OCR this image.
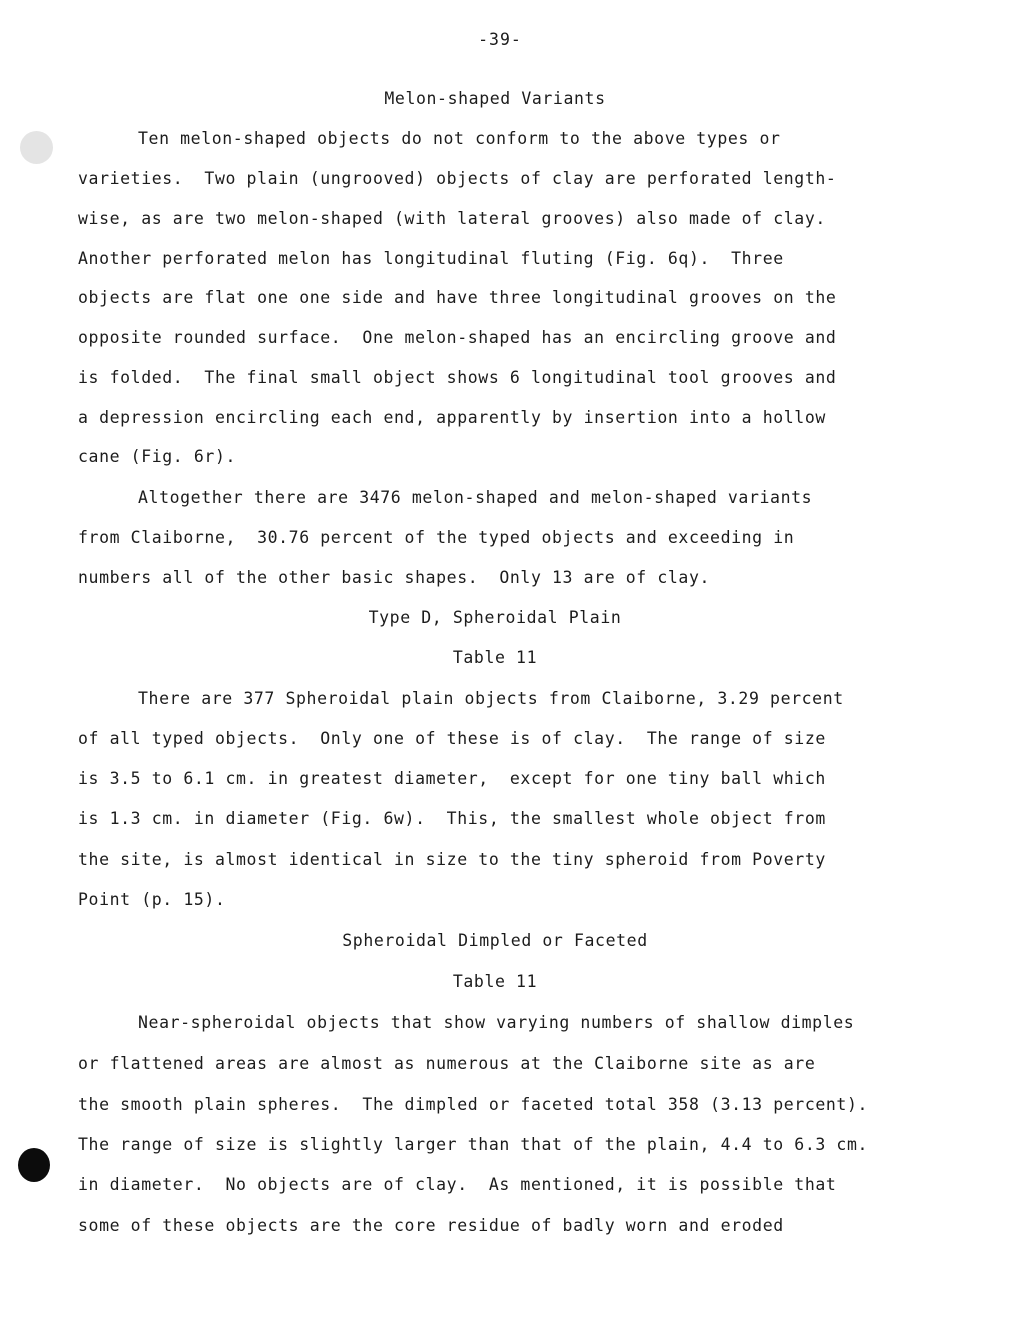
-39-
Melon-shaped Variants
Ten melon-shaped objects do not conform to the above types or
varieties.  Two plain (ungrooved) objects of clay are perforated length-
wise, as are two melon-shaped (with lateral grooves) also made of clay.
Another perforated melon has longitudinal fluting (Fig. 6q).  Three
objects are flat one one side and have three longitudinal grooves on the
opposite rounded surface.  One melon-shaped has an encircling groove and
is folded.  The final small object shows 6 longitudinal tool grooves and
a depression encircling each end, apparently by insertion into a hollow
cane (Fig. 6r).
Altogether there are 3476 melon-shaped and melon-shaped variants
from Claiborne,  30.76 percent of the typed objects and exceeding in
numbers all of the other basic shapes.  Only 13 are of clay.
Type D, Spheroidal Plain
Table 11
There are 377 Spheroidal plain objects from Claiborne, 3.29 percent
of all typed objects.  Only one of these is of clay.  The range of size
is 3.5 to 6.1 cm. in greatest diameter,  except for one tiny ball which
is 1.3 cm. in diameter (Fig. 6w).  This, the smallest whole object from
the site, is almost identical in size to the tiny spheroid from Poverty
Point (p. 15).
Spheroidal Dimpled or Faceted
Table 11
Near-spheroidal objects that show varying numbers of shallow dimples
or flattened areas are almost as numerous at the Claiborne site as are
the smooth plain spheres.  The dimpled or faceted total 358 (3.13 percent).
The range of size is slightly larger than that of the plain, 4.4 to 6.3 cm.
in diameter.  No objects are of clay.  As mentioned, it is possible that
some of these objects are the core residue of badly worn and eroded
